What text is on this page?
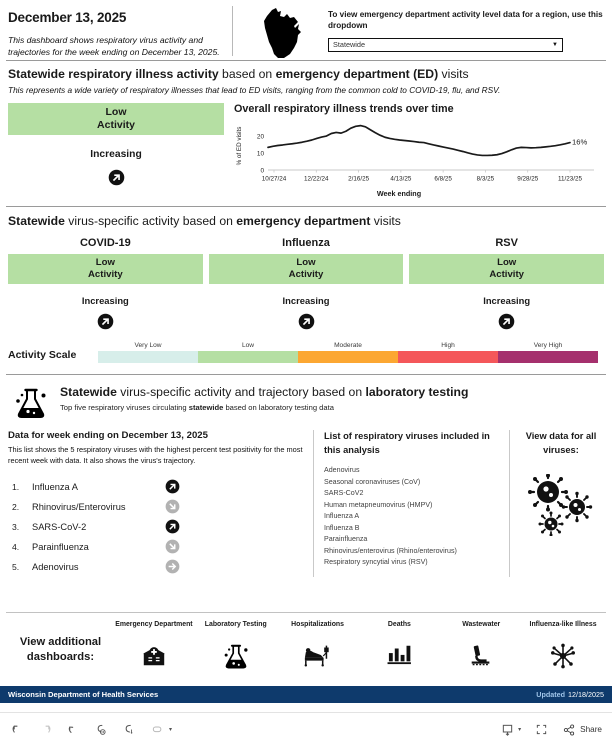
December 13, 2025
This dashboard shows respiratory virus activity and trajectories for the week ending on December 13, 2025.
To view emergency department activity level data for a region, use this dropdown
Statewide	▼
Statewide respiratory illness activity based on emergency department (ED) visits
This represents a wide variety of respiratory illnesses that lead to ED visits, ranging from the common cold to COVID-19, flu, and RSV.
Low
Activity
Increasing
Overall respiratory illness trends over time
0
10
20
% of ED visits
10/27/24	12/22/24	2/16/25	4/13/25	6/8/25	8/3/25	9/28/25	11/23/25
16%
Week ending
Statewide virus-specific activity based on emergency department visits
COVID-19
Low
Activity
Increasing
Influenza
Low
Activity
Increasing
RSV
Low
Activity
Increasing
Activity Scale
Very Low	Low	Moderate	High	Very High
Statewide virus-specific activity and trajectory based on laboratory testing
Top five respiratory viruses circulating statewide based on laboratory testing data
Data for week ending on December 13, 2025

This list shows the 5 respiratory viruses with the highest percent test positivity for the most recent week with data. It also shows the virus's trajectory.

1.	Influenza A
2.	Rhinovirus/Enterovirus
3.	SARS-CoV-2
4.	Parainfluenza
5.	Adenovirus
List of respiratory viruses included in this analysis
Adenovirus
Seasonal coronaviruses (CoV)
SARS-CoV2
Human metapneumovirus (HMPV)
Influenza A
Influenza B
Parainfluenza
Rhinovirus/enterovirus (Rhino/enterovirus)
Respiratory syncytial virus (RSV)
View data for all viruses:
View additional dashboards:
Emergency Department Laboratory Testing	Hospitalizations	Deaths	Wastewater	Influenza-like Illness
Wisconsin Department of Health Services	Updated 12/18/2025
▾	▾	Share
